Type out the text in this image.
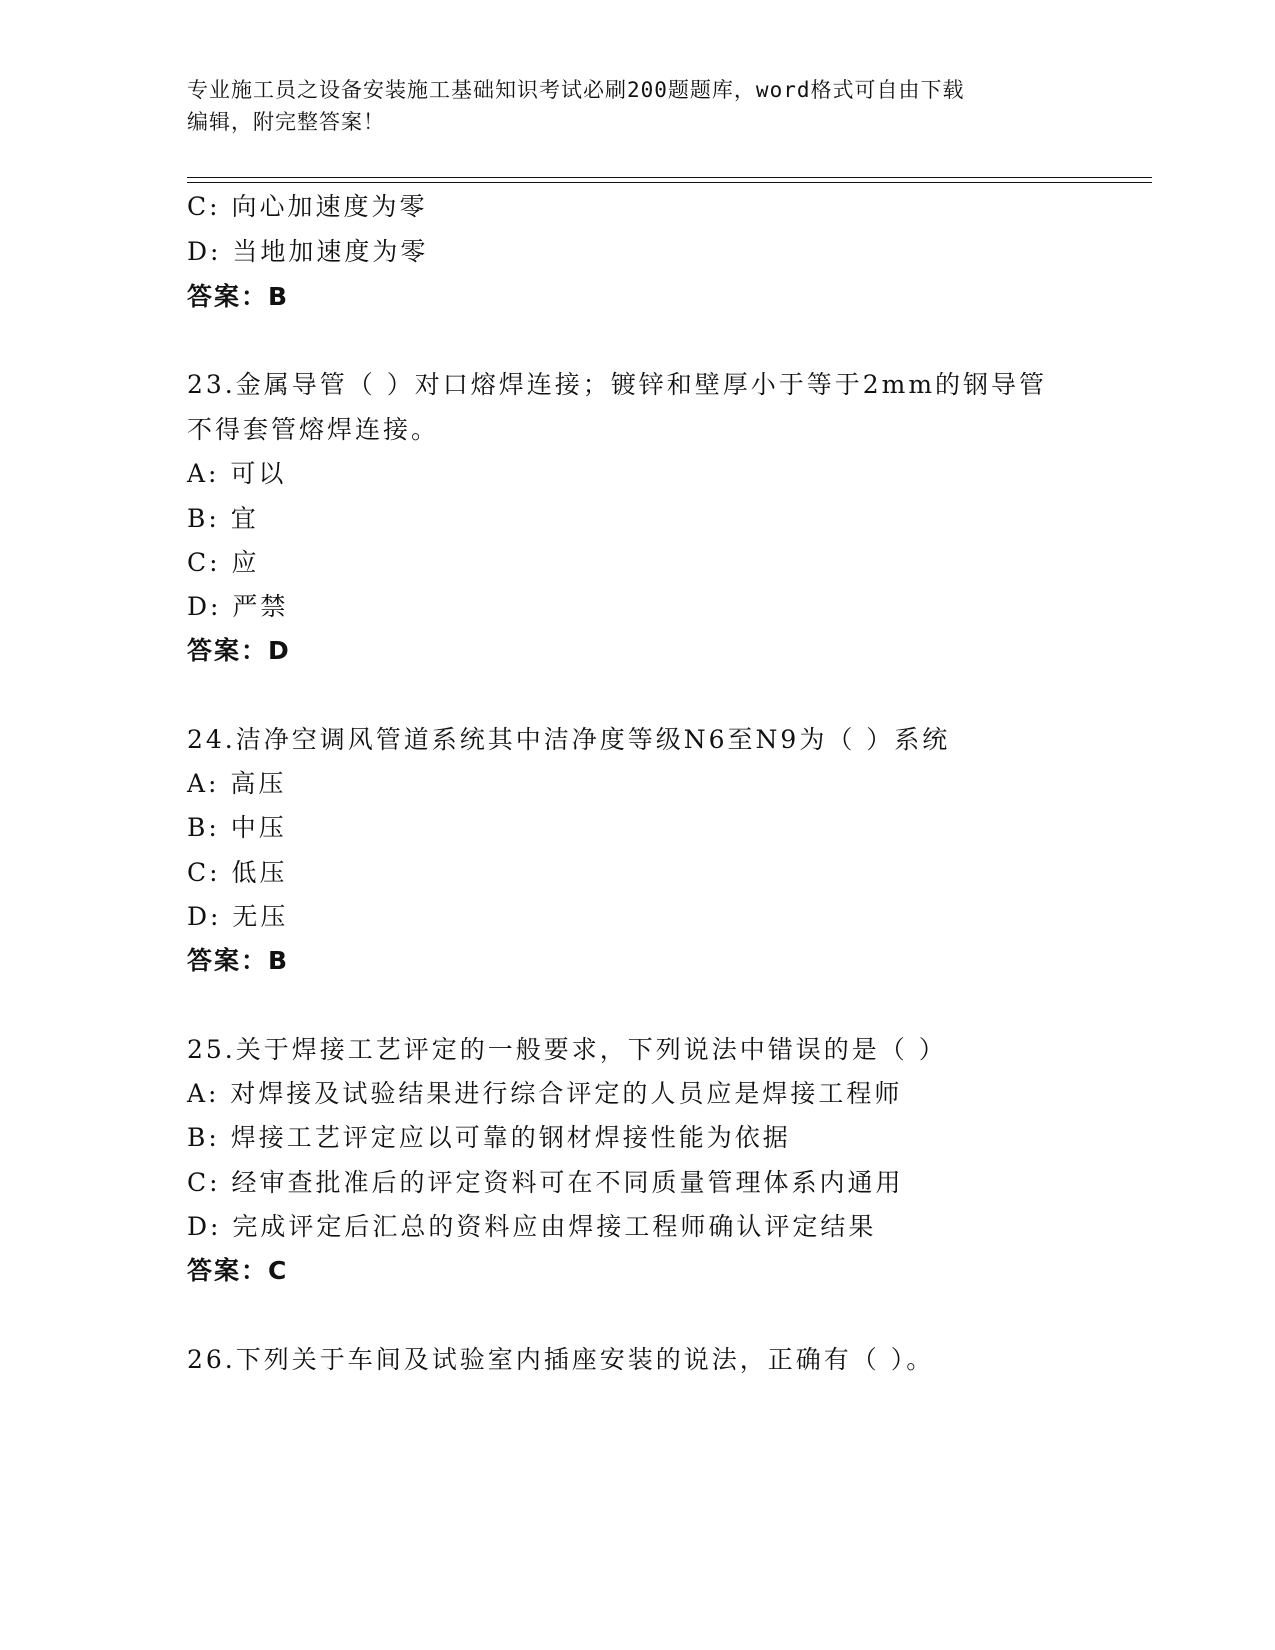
专业施工员之设备安装施工基础知识考试必刷200题题库，word格式可自由下载
编辑，附完整答案！
C: 向心加速度为零
D: 当地加速度为零
答案：B
23.金属导管（ ）对口熔焊连接；镀锌和壁厚小于等于2mm的钢导管
不得套管熔焊连接。
A: 可以
B: 宜
C: 应
D: 严禁
答案：D
24.洁净空调风管道系统其中洁净度等级N6至N9为（ ）系统
A: 高压
B: 中压
C: 低压
D: 无压
答案：B
25.关于焊接工艺评定的一般要求，下列说法中错误的是（ ）
A: 对焊接及试验结果进行综合评定的人员应是焊接工程师
B: 焊接工艺评定应以可靠的钢材焊接性能为依据
C: 经审查批准后的评定资料可在不同质量管理体系内通用
D: 完成评定后汇总的资料应由焊接工程师确认评定结果
答案：C
26.下列关于车间及试验室内插座安装的说法，正确有（ ）。
